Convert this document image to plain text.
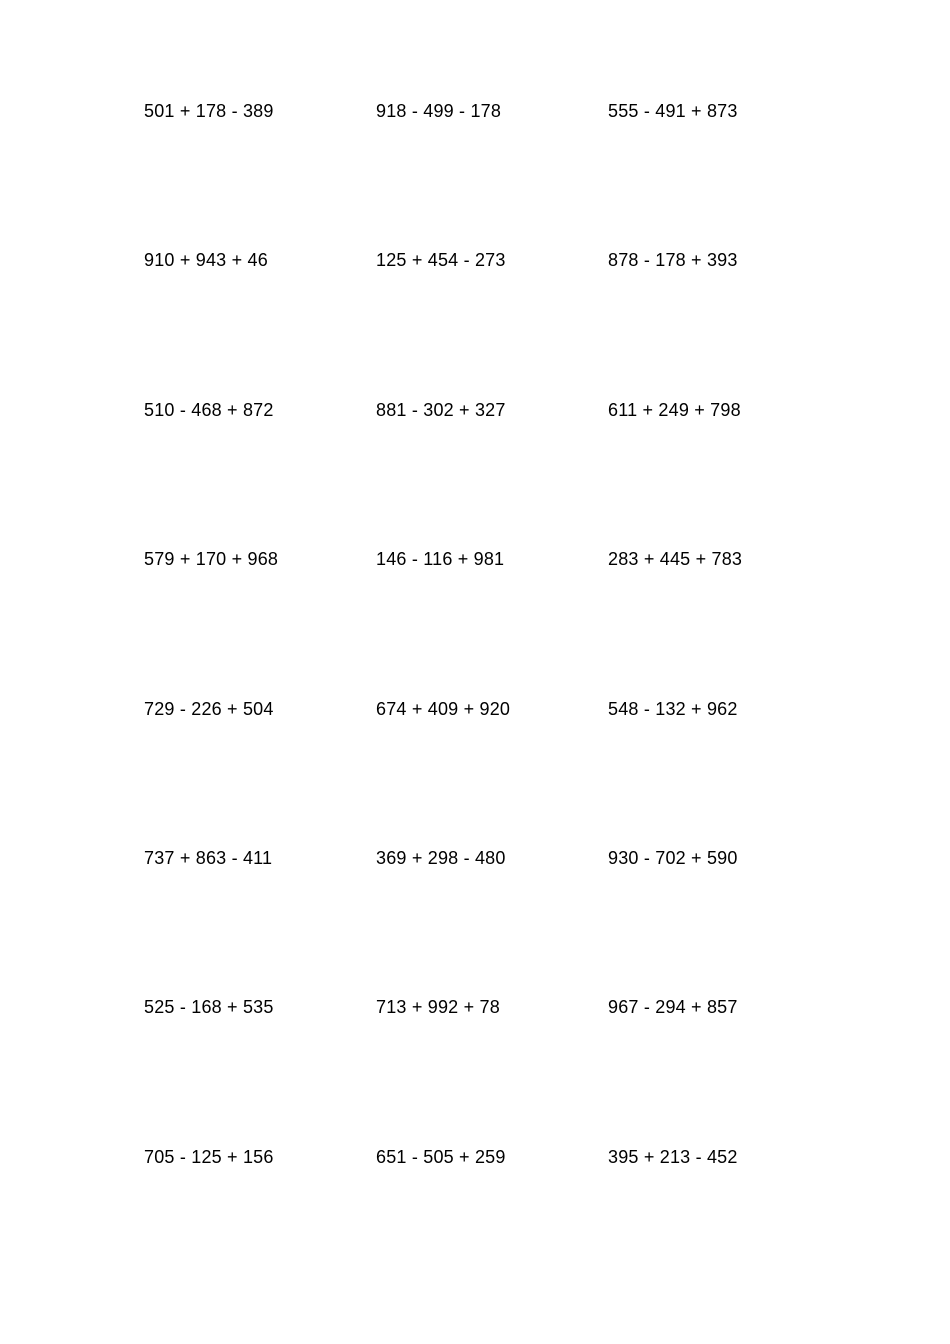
501 + 178 - 389	918 - 499 - 178	555 - 491 + 873
910 + 943 + 46	125 + 454 - 273	878 - 178 + 393
510 - 468 + 872	881 - 302 + 327	611 + 249 + 798
579 + 170 + 968	146 - 116 + 981	283 + 445 + 783
729 - 226 + 504	674 + 409 + 920	548 - 132 + 962
737 + 863 - 411	369 + 298 - 480	930 - 702 + 590
525 - 168 + 535	713 + 992 + 78	967 - 294 + 857
705 - 125 + 156	651 - 505 + 259	395 + 213 - 452
